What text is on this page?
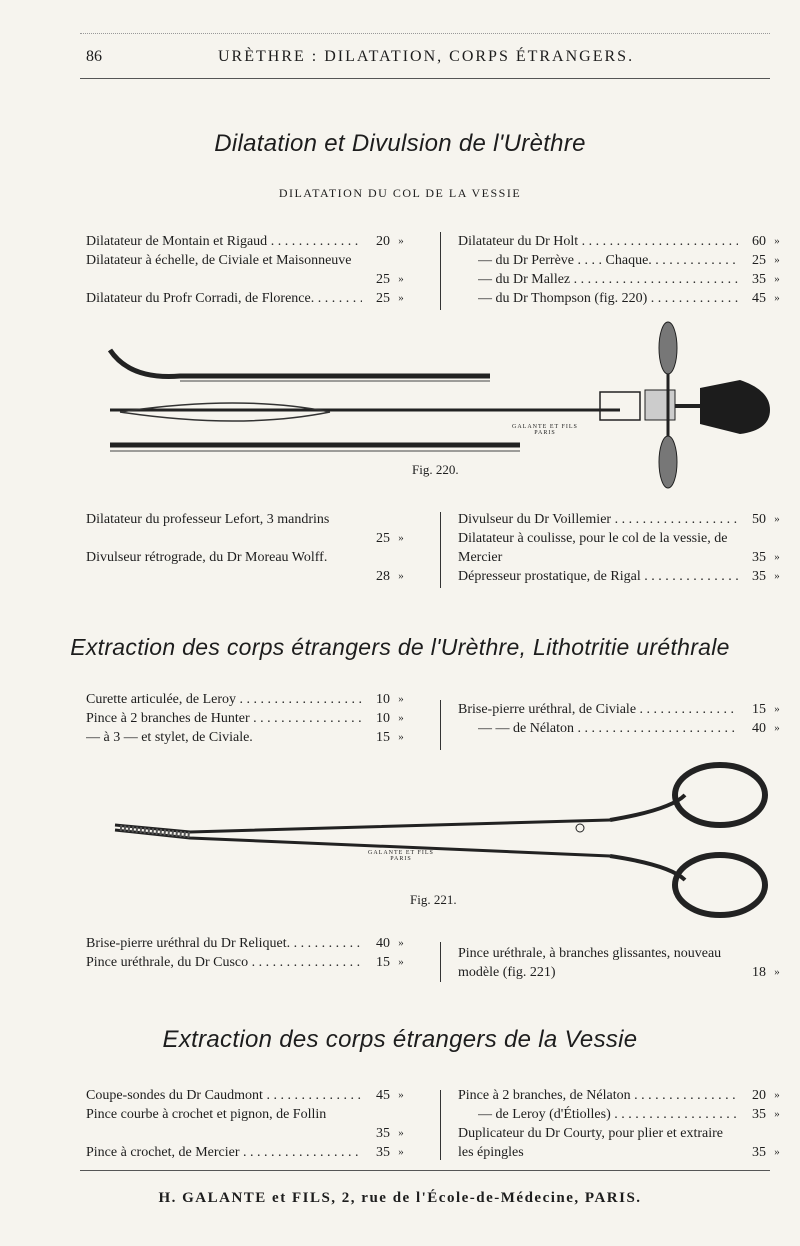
86	URÈTHRE : DILATATION, CORPS ÉTRANGERS.
Dilatation et Divulsion de l'Urèthre
DILATATION DU COL DE LA VESSIE
Dilatateur de Montain et Rigaud . . .	20 »
Dilatateur à échelle, de Civiale et Maisonneuve
25 »
Dilatateur du Profr Corradi, de Florence. . . .	25 »
Dilatateur du Dr Holt . . .	60 »
— du Dr Perrève . . . . Chaque. . . .	25 »
— du Dr Mallez . . .	35 »
— du Dr Thompson (fig. 220) . . .	45 »
GALANTE ET FILS
PARIS
Fig. 220.
Dilatateur du professeur Lefort, 3 mandrins
25 »
Divulseur rétrograde, du Dr Moreau Wolff.
28 »
Divulseur du Dr Voillemier . . .	50 »
Dilatateur à coulisse, pour le col de la vessie, de Mercier	35 »
Dépresseur prostatique, de Rigal . . .	35 »
Extraction des corps étrangers de l'Urèthre, Lithotritie uréthrale
Curette articulée, de Leroy . . .	10 »
Pince à 2 branches de Hunter . . .	10 »
— à 3 — et stylet, de Civiale.	15 »
Brise-pierre uréthral, de Civiale . . .	15 »
— — de Nélaton . . .	40 »
GALANTE ET FILS
PARIS
Fig. 221.
Brise-pierre uréthral du Dr Reliquet. . . .	40 »
Pince uréthrale, du Dr Cusco . . .	15 »
Pince uréthrale, à branches glissantes, nouveau modèle (fig. 221)	18 »
Extraction des corps étrangers de la Vessie
Coupe-sondes du Dr Caudmont . . .	45 »
Pince courbe à crochet et pignon, de Follin
35 »
Pince à crochet, de Mercier . . .	35 »
Pince à 2 branches, de Nélaton . . .	20 »
— de Leroy (d'Étiolles) . . .	35 »
Duplicateur du Dr Courty, pour plier et extraire les épingles	35 »
H. GALANTE et FILS, 2, rue de l'École-de-Médecine, PARIS.
